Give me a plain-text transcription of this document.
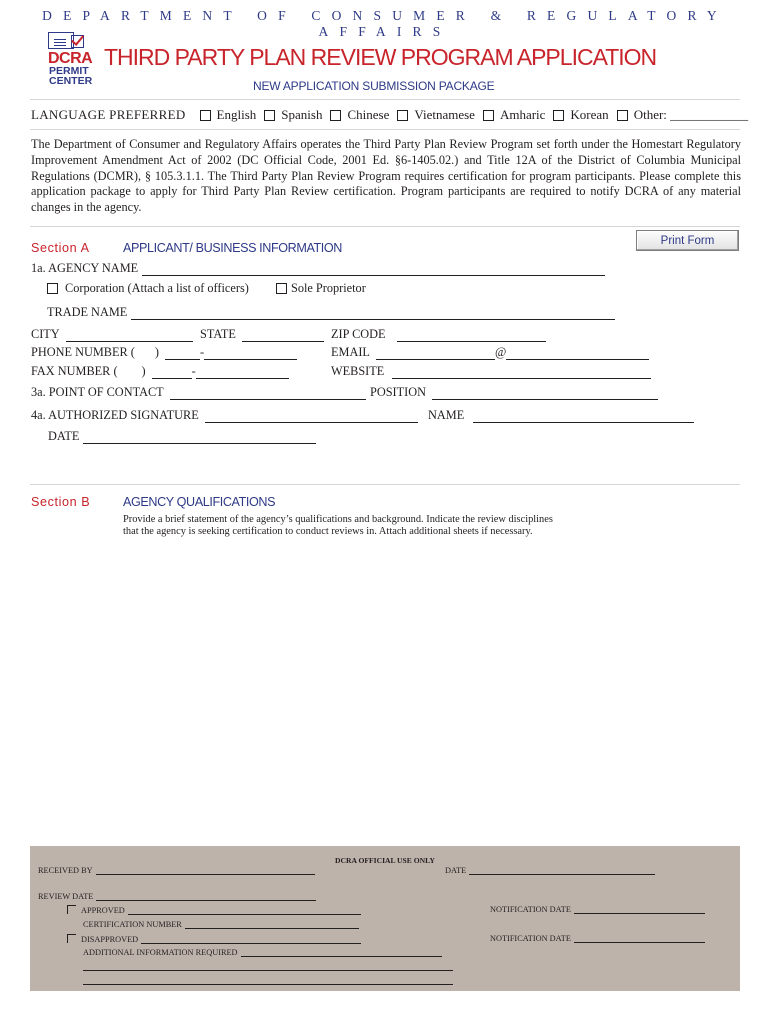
DEPARTMENT OF CONSUMER & REGULATORY AFFAIRS
DCRA
PERMIT
CENTER
THIRD PARTY PLAN REVIEW PROGRAM APPLICATION
NEW APPLICATION SUBMISSION PACKAGE
LANGUAGE PREFERRED English Spanish Chinese Vietnamese Amharic Korean Other:
____________
The Department of Consumer and Regulatory Affairs operates the Third Party Plan Review Program set forth under the Homestart Regulatory Improvement Amendment Act of 2002 (DC Official Code, 2001 Ed. §6-1405.02.) and Title 12A of the District of Columbia Municipal Regulations (DCMR), § 105.3.1.1. The Third Party Plan Review Program requires certification for program participants. Please complete this application package to apply for Third Party Plan Review certification. Program participants are required to notify DCRA of any material changes in the agency.
Section A	APPLICANT/ BUSINESS INFORMATION
Print Form
1a. AGENCY NAME
Corporation (Attach a list of officers)	Sole Proprietor
TRADE NAME
CITY	STATE	ZIP CODE
PHONE NUMBER ( )	-	EMAIL	@
FAX NUMBER ( )	-	WEBSITE
3a. POINT OF CONTACT	POSITION
4a. AUTHORIZED SIGNATURE	NAME
DATE
Section B	AGENCY QUALIFICATIONS
Provide a brief statement of the agency’s qualifications and background. Indicate the review disciplines that the agency is seeking certification to conduct reviews in. Attach additional sheets if necessary.
DCRA OFFICIAL USE ONLY
RECEIVED BY	DATE
REVIEW DATE
APPROVED	NOTIFICATION DATE
CERTIFICATION NUMBER
DISAPPROVED	NOTIFICATION DATE
ADDITIONAL INFORMATION REQUIRED
